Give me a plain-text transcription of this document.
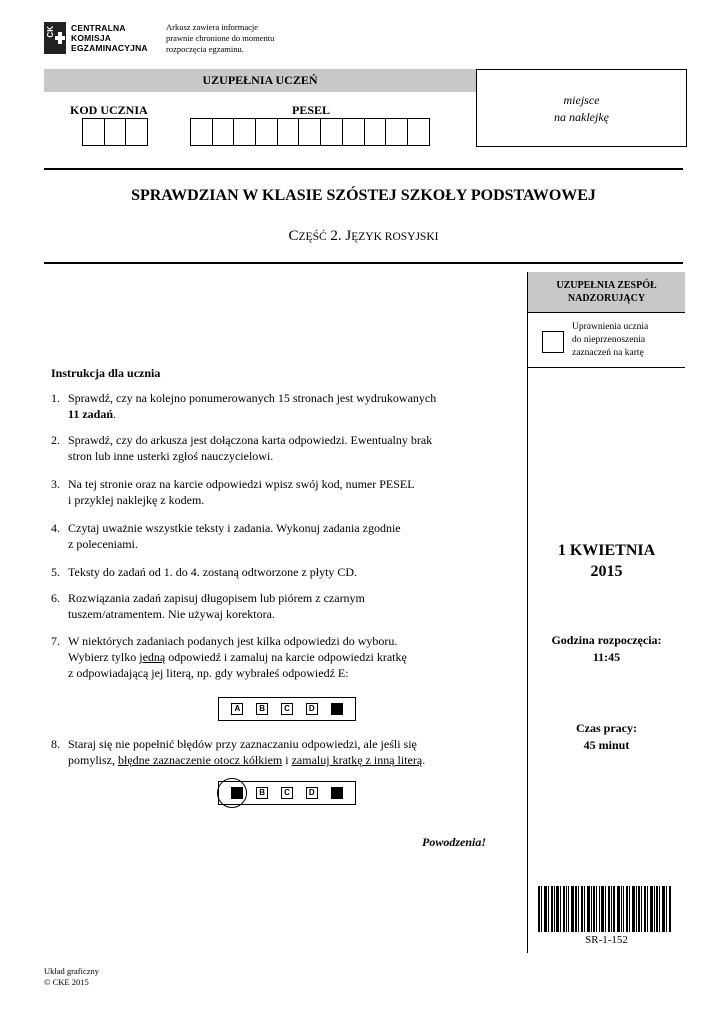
CK CENTRALNA
KOMISJA
EGZAMINACYJNA
Arkusz zawiera informacje
prawnie chronione do momentu
rozpoczęcia egzaminu.
UZUPEŁNIA UCZEŃ
KOD UCZNIA	PESEL
miejsce
na naklejkę
SPRAWDZIAN W KLASIE SZÓSTEJ SZKOŁY PODSTAWOWEJ
CZĘŚĆ 2. JĘZYK ROSYJSKI
UZUPEŁNIA ZESPÓŁ
NADZORUJĄCY
Uprawnienia ucznia
do nieprzenoszenia
zaznaczeń na kartę
1 KWIETNIA
2015
Godzina rozpoczęcia:
11:45
Czas pracy:
45 minut
SR-1-152
Instrukcja dla ucznia
1. Sprawdź, czy na kolejno ponumerowanych 15 stronach jest wydrukowanych
11 zadań.
2. Sprawdź, czy do arkusza jest dołączona karta odpowiedzi. Ewentualny brak
stron lub inne usterki zgłoś nauczycielowi.
3. Na tej stronie oraz na karcie odpowiedzi wpisz swój kod, numer PESEL
i przyklej naklejkę z kodem.
4. Czytaj uważnie wszystkie teksty i zadania. Wykonuj zadania zgodnie
z poleceniami.
5. Teksty do zadań od 1. do 4. zostaną odtworzone z płyty CD.
6. Rozwiązania zadań zapisuj długopisem lub piórem z czarnym
tuszem/atramentem. Nie używaj korektora.
7. W niektórych zadaniach podanych jest kilka odpowiedzi do wyboru.
Wybierz tylko jedną odpowiedź i zamaluj na karcie odpowiedzi kratkę
z odpowiadającą jej literą, np. gdy wybrałeś odpowiedź E:
8. Staraj się nie popełnić błędów przy zaznaczaniu odpowiedzi, ale jeśli się
pomylisz, błędne zaznaczenie otocz kółkiem i zamaluj kratkę z inną literą.
A	B	C	D
B	C	D
Powodzenia!
Układ graficzny
© CKE 2015
